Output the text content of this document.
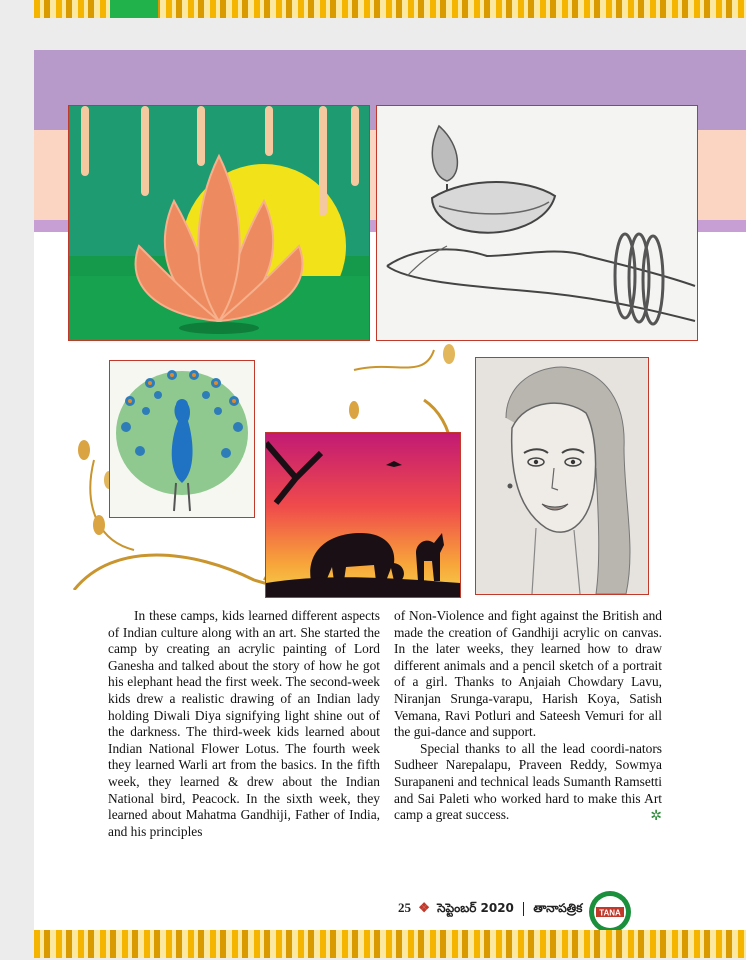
In these camps, kids learned different aspects of Indian culture along with an art. She started the camp by creating an acrylic painting of Lord Ganesha and talked about the story of how he got his elephant head the first week. The second-week kids drew a realistic drawing of an Indian lady holding Diwali Diya signifying light shine out of the darkness. The third-week kids learned about Indian National Flower Lotus. The fourth week they learned Warli art from the basics. In the fifth week, they learned & drew about the Indian National bird, Peacock. In the sixth week, they learned about Mahatma Gandhiji, Father of India, and his principles

of Non-Violence and fight against the British and made the creation of Gandhiji acrylic on canvas. In the later weeks, they learned how to draw different animals and a pencil sketch of a portrait of a girl. Thanks to Anjaiah Chowdary Lavu, Niranjan Srunga-varapu, Harish Koya, Satish Vemana, Ravi Potluri and Sateesh Vemuri for all the gui-dance and support.

Special thanks to all the lead coordi-nators Sudheer Narepalapu, Praveen Reddy, Sowmya Surapaneni and technical leads Sumanth Ramsetti and Sai Paleti who worked hard to make this Art camp a great success.	✲
25 ❖ సెప్టెంబర్ 2020 తానాపత్రిక TANA
